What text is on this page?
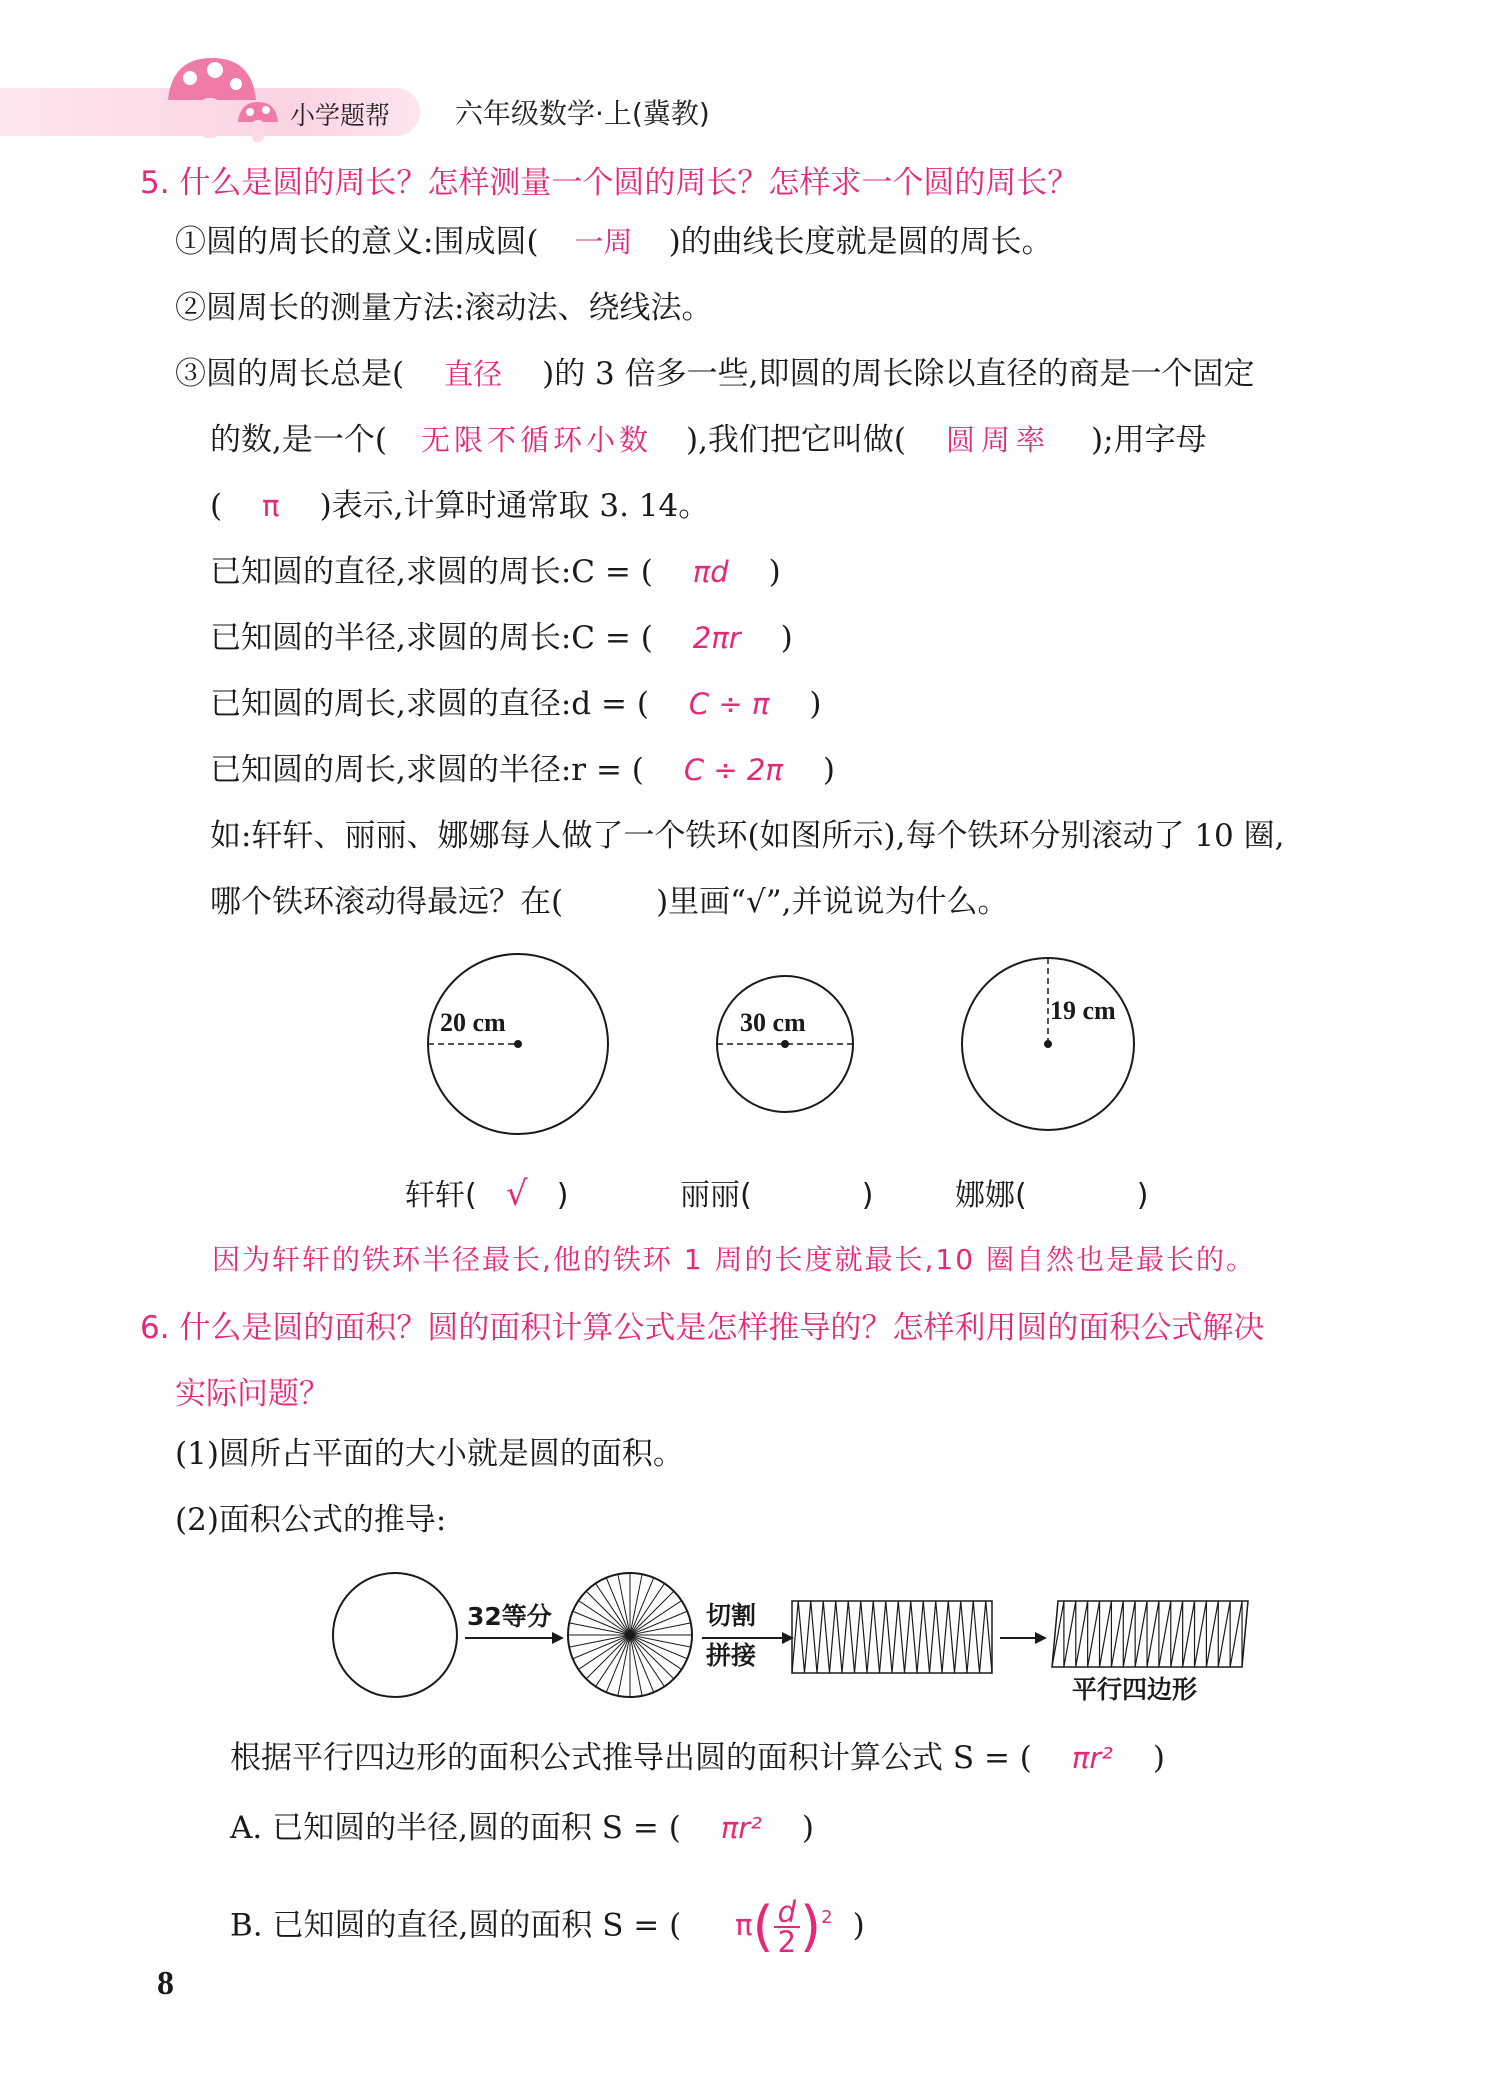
小学题帮 六年级数学·上(冀教)
5. 什么是圆的周长？怎样测量一个圆的周长？怎样求一个圆的周长？
①圆的周长的意义:围成圆( 一周 )的曲线长度就是圆的周长。
②圆周长的测量方法:滚动法、绕线法。
③圆的周长总是( 直径 )的 3 倍多一些,即圆的周长除以直径的商是一个固定
的数,是一个( 无限不循环小数 ),我们把它叫做( 圆周率 );用字母
( π )表示,计算时通常取 3. 14。
已知圆的直径,求圆的周长:C = ( πd )
已知圆的半径,求圆的周长:C = ( 2πr )
已知圆的周长,求圆的直径:d = ( C ÷ π )
已知圆的周长,求圆的半径:r = ( C ÷ 2π )
如:轩轩、丽丽、娜娜每人做了一个铁环(如图所示),每个铁环分别滚动了 10 圈,
哪个铁环滚动得最远？在(　　　)里画“√”,并说说为什么。
20 cm	30 cm	19 cm
轩轩( √ )	丽丽(	)	娜娜(	)
因为轩轩的铁环半径最长,他的铁环 1 周的长度就最长,10 圈自然也是最长的。
6. 什么是圆的面积？圆的面积计算公式是怎样推导的？怎样利用圆的面积公式解决
实际问题？
(1)圆所占平面的大小就是圆的面积。
(2)面积公式的推导:
32等分	切割
拼接
平行四边形
根据平行四边形的面积公式推导出圆的面积计算公式 S = ( πr² )
A. 已知圆的半径,圆的面积 S = ( πr² )
B. 已知圆的直径,圆的面积 S = ( $\pi( \frac{d}{2} )^2$ )
8
